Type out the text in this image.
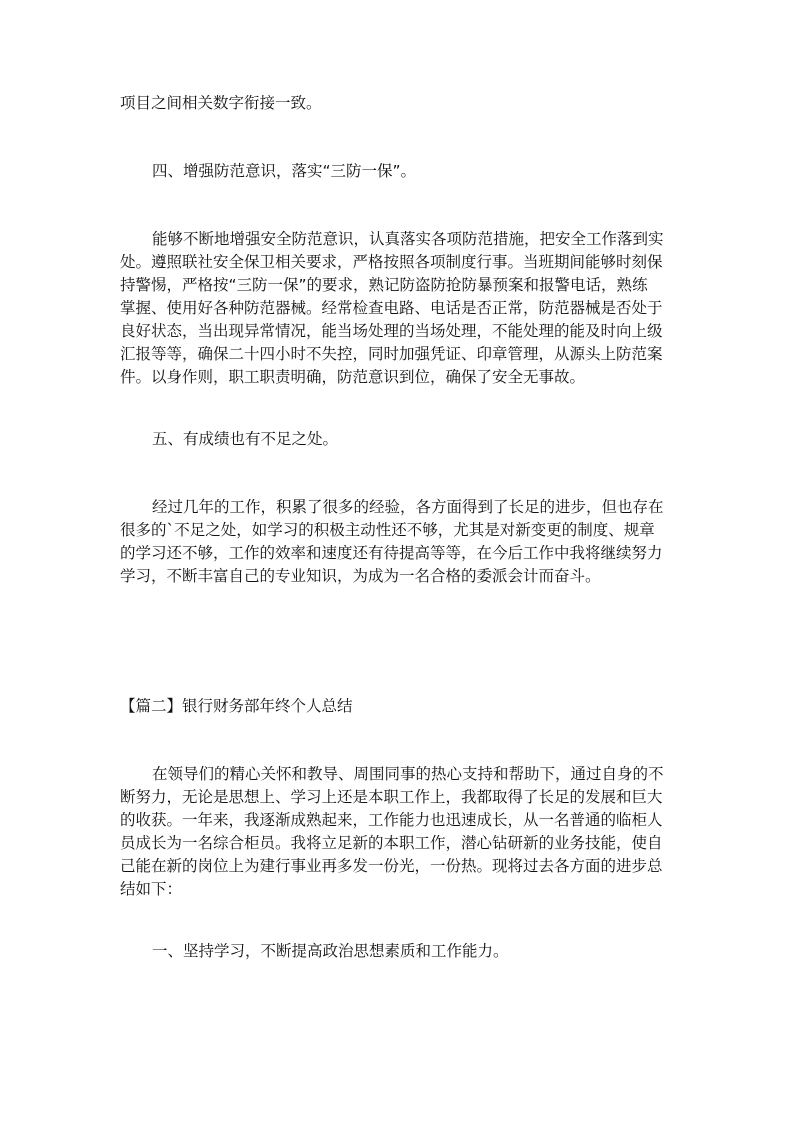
项目之间相关数字衔接一致。
四、增强防范意识，落实“三防一保”。
能够不断地增强安全防范意识，认真落实各项防范措施，把安全工作落到实
处。遵照联社安全保卫相关要求，严格按照各项制度行事。当班期间能够时刻保
持警惕，严格按“三防一保”的要求，熟记防盗防抢防暴预案和报警电话，熟练
掌握、使用好各种防范器械。经常检查电路、电话是否正常，防范器械是否处于
良好状态，当出现异常情况，能当场处理的当场处理，不能处理的能及时向上级
汇报等等，确保二十四小时不失控，同时加强凭证、印章管理，从源头上防范案
件。以身作则，职工职责明确，防范意识到位，确保了安全无事故。
五、有成绩也有不足之处。
经过几年的工作，积累了很多的经验，各方面得到了长足的进步，但也存在
很多的`不足之处，如学习的积极主动性还不够，尤其是对新变更的制度、规章
的学习还不够，工作的效率和速度还有待提高等等，在今后工作中我将继续努力
学习，不断丰富自己的专业知识，为成为一名合格的委派会计而奋斗。
【篇二】银行财务部年终个人总结
在领导们的精心关怀和教导、周围同事的热心支持和帮助下，通过自身的不
断努力，无论是思想上、学习上还是本职工作上，我都取得了长足的发展和巨大
的收获。一年来，我逐渐成熟起来，工作能力也迅速成长，从一名普通的临柜人
员成长为一名综合柜员。我将立足新的本职工作，潜心钻研新的业务技能，使自
己能在新的岗位上为建行事业再多发一份光，一份热。现将过去各方面的进步总
结如下：
一、坚持学习，不断提高政治思想素质和工作能力。
